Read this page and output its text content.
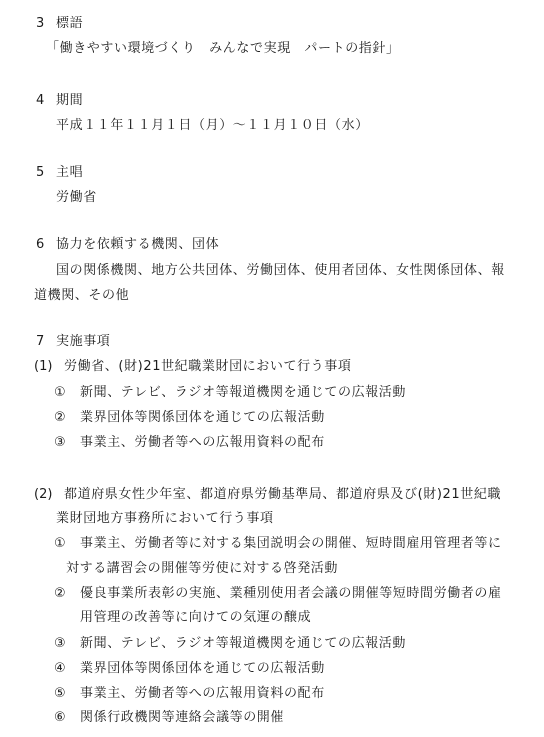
3 標語
「働きやすい環境づくり　みんなで実現　パートの指針」
4 期間
平成１１年１１月１日（月）～１１月１０日（水）
5 主唱
労働省
6 協力を依頼する機関、団体
国の関係機関、地方公共団体、労働団体、使用者団体、女性関係団体、報
道機関、その他
7 実施事項
(1) 労働省、(財)21世紀職業財団において行う事項
① 新聞、テレビ、ラジオ等報道機関を通じての広報活動
② 業界団体等関係団体を通じての広報活動
③ 事業主、労働者等への広報用資料の配布
(2) 都道府県女性少年室、都道府県労働基準局、都道府県及び(財)21世紀職
業財団地方事務所において行う事項
① 事業主、労働者等に対する集団説明会の開催、短時間雇用管理者等に
対する講習会の開催等労使に対する啓発活動
② 優良事業所表彰の実施、業種別使用者会議の開催等短時間労働者の雇
用管理の改善等に向けての気運の醸成
③ 新聞、テレビ、ラジオ等報道機関を通じての広報活動
④ 業界団体等関係団体を通じての広報活動
⑤ 事業主、労働者等への広報用資料の配布
⑥ 関係行政機関等連絡会議等の開催
